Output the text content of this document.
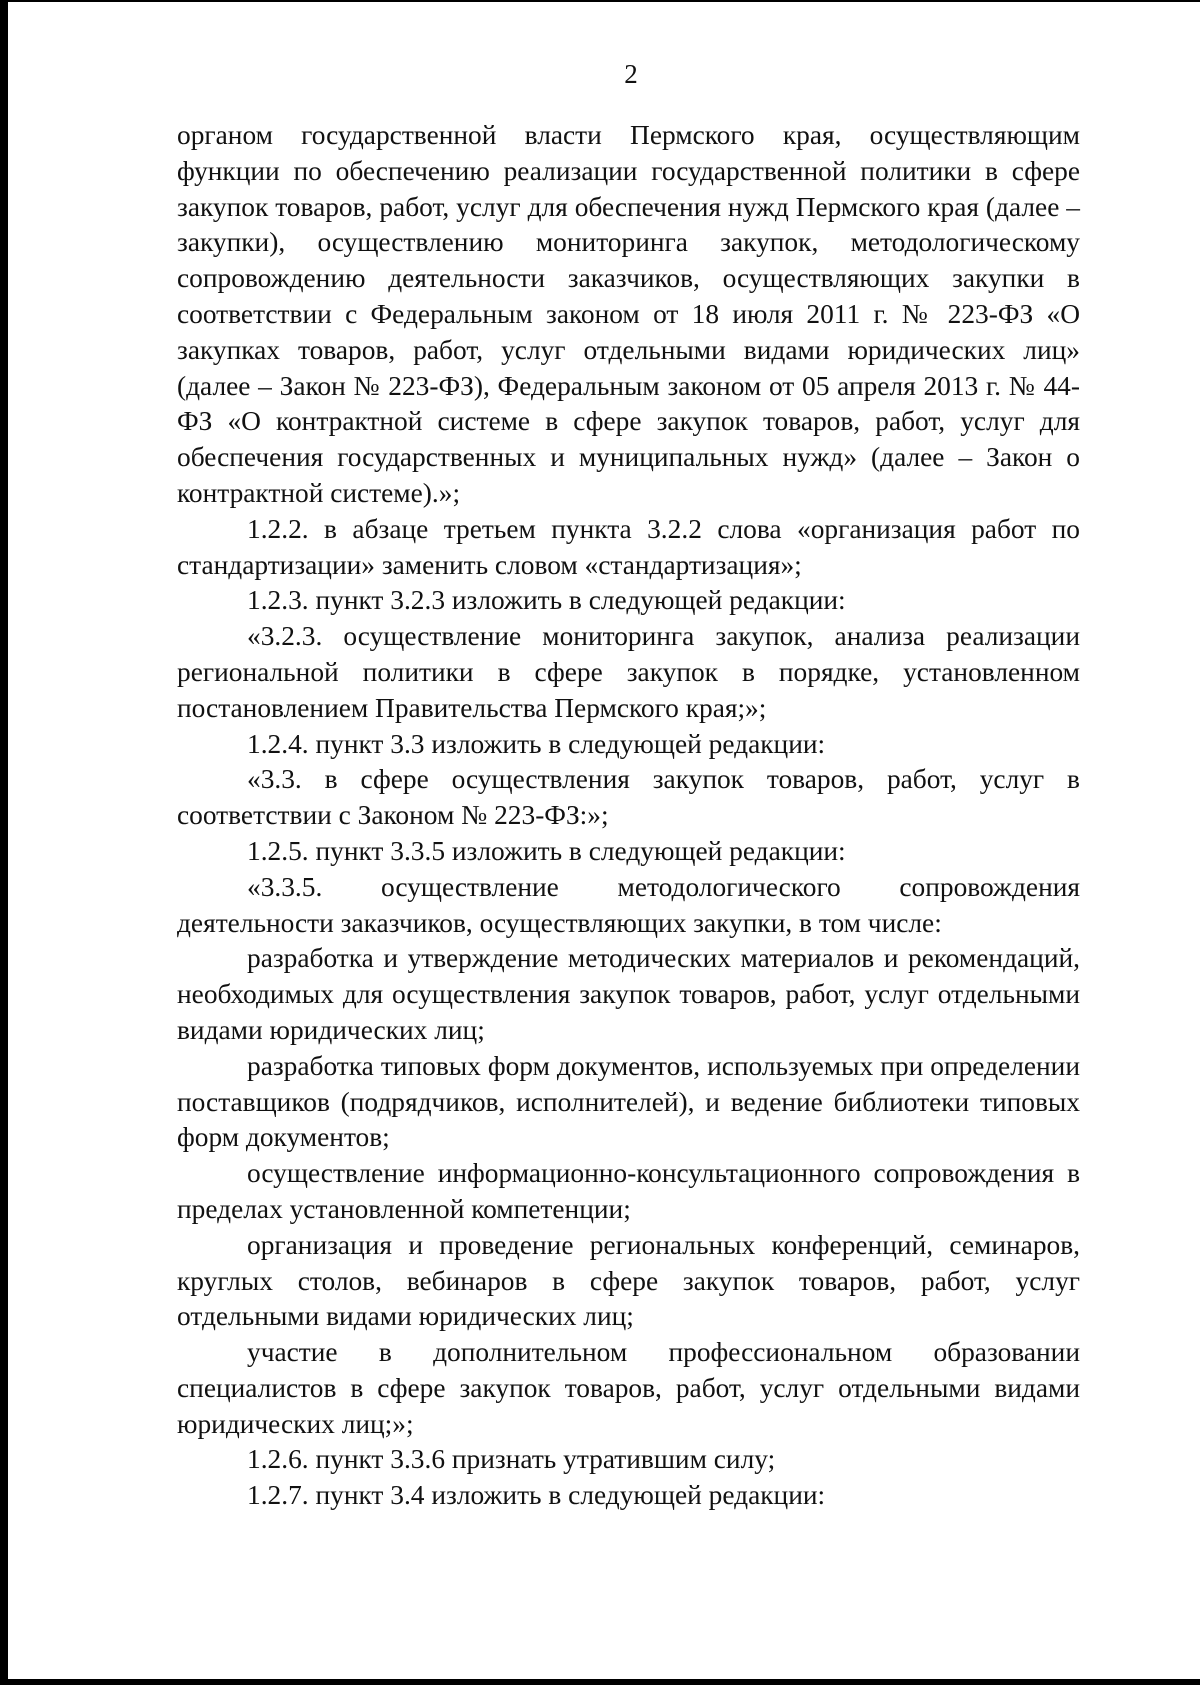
2

органом государственной власти Пермского края, осуществляющим функции по обеспечению реализации государственной политики в сфере закупок товаров, работ, услуг для обеспечения нужд Пермского края (далее – закупки), осуществлению мониторинга закупок, методологическому сопровождению деятельности заказчиков, осуществляющих закупки в соответствии с Федеральным законом от 18 июля 2011 г. № 223-ФЗ «О закупках товаров, работ, услуг отдельными видами юридических лиц» (далее – Закон № 223-ФЗ), Федеральным законом от 05 апреля 2013 г. № 44-ФЗ «О контрактной системе в сфере закупок товаров, работ, услуг для обеспечения государственных и муниципальных нужд» (далее – Закон о контрактной системе).»;

1.2.2. в абзаце третьем пункта 3.2.2 слова «организация работ по стандартизации» заменить словом «стандартизация»;

1.2.3. пункт 3.2.3 изложить в следующей редакции:

«3.2.3. осуществление мониторинга закупок, анализа реализации региональной политики в сфере закупок в порядке, установленном постановлением Правительства Пермского края;»;

1.2.4. пункт 3.3 изложить в следующей редакции:

«3.3. в сфере осуществления закупок товаров, работ, услуг в соответствии с Законом № 223-ФЗ:»;

1.2.5. пункт 3.3.5 изложить в следующей редакции:

«3.3.5. осуществление методологического сопровождения деятельности заказчиков, осуществляющих закупки, в том числе:

разработка и утверждение методических материалов и рекомендаций, необходимых для осуществления закупок товаров, работ, услуг отдельными видами юридических лиц;

разработка типовых форм документов, используемых при определении поставщиков (подрядчиков, исполнителей), и ведение библиотеки типовых форм документов;

осуществление информационно-консультационного сопровождения в пределах установленной компетенции;

организация и проведение региональных конференций, семинаров, круглых столов, вебинаров в сфере закупок товаров, работ, услуг отдельными видами юридических лиц;

участие в дополнительном профессиональном образовании специалистов в сфере закупок товаров, работ, услуг отдельными видами юридических лиц;»;

1.2.6. пункт 3.3.6 признать утратившим силу;

1.2.7. пункт 3.4 изложить в следующей редакции:
